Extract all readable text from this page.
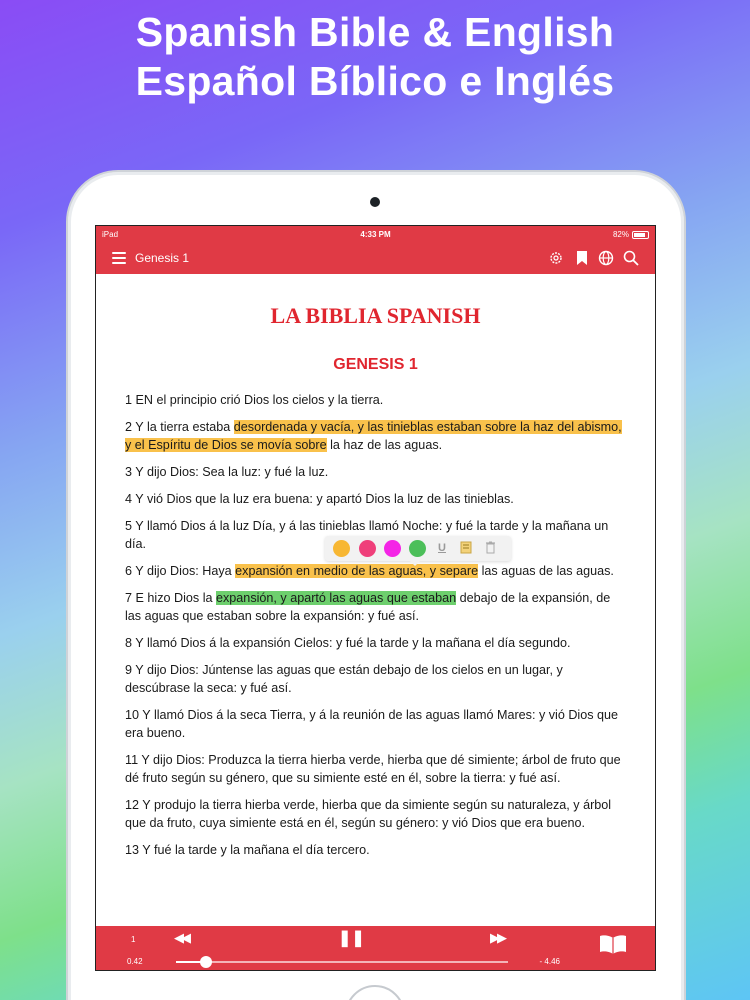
Spanish Bible & English
Español Bíblico e Inglés
iPad	4:33 PM	82%
Genesis 1
LA BIBLIA SPANISH
GENESIS 1

1 EN el principio crió Dios los cielos y la tierra.

2 Y la tierra estaba desordenada y vacía, y las tinieblas estaban sobre la haz del abismo, y el Espíritu de Dios se movía sobre la haz de las aguas.

3 Y dijo Dios: Sea la luz: y fué la luz.

4 Y vió Dios que la luz era buena: y apartó Dios la luz de las tinieblas.

5 Y llamó Dios á la luz Día, y á las tinieblas llamó Noche: y fué la tarde y la mañana un día.

6 Y dijo Dios: Haya expansión en medio de las aguas, y separe las aguas de las aguas.

7 E hizo Dios la expansión, y apartó las aguas que estaban debajo de la expansión, de las aguas que estaban sobre la expansión: y fué así.

8 Y llamó Dios á la expansión Cielos: y fué la tarde y la mañana el día segundo.

9 Y dijo Dios: Júntense las aguas que están debajo de los cielos en un lugar, y descúbrase la seca: y fué así.

10 Y llamó Dios á la seca Tierra, y á la reunión de las aguas llamó Mares: y vió Dios que era bueno.

11 Y dijo Dios: Produzca la tierra hierba verde, hierba que dé simiente; árbol de fruto que dé fruto según su género, que su simiente esté en él, sobre la tierra: y fué así.

12 Y produjo la tierra hierba verde, hierba que da simiente según su naturaleza, y árbol que da fruto, cuya simiente está en él, según su género: y vió Dios que era bueno.

13 Y fué la tarde y la mañana el día tercero.

U
1	◀◀	❚❚	▶▶
0.42	- 4.46
